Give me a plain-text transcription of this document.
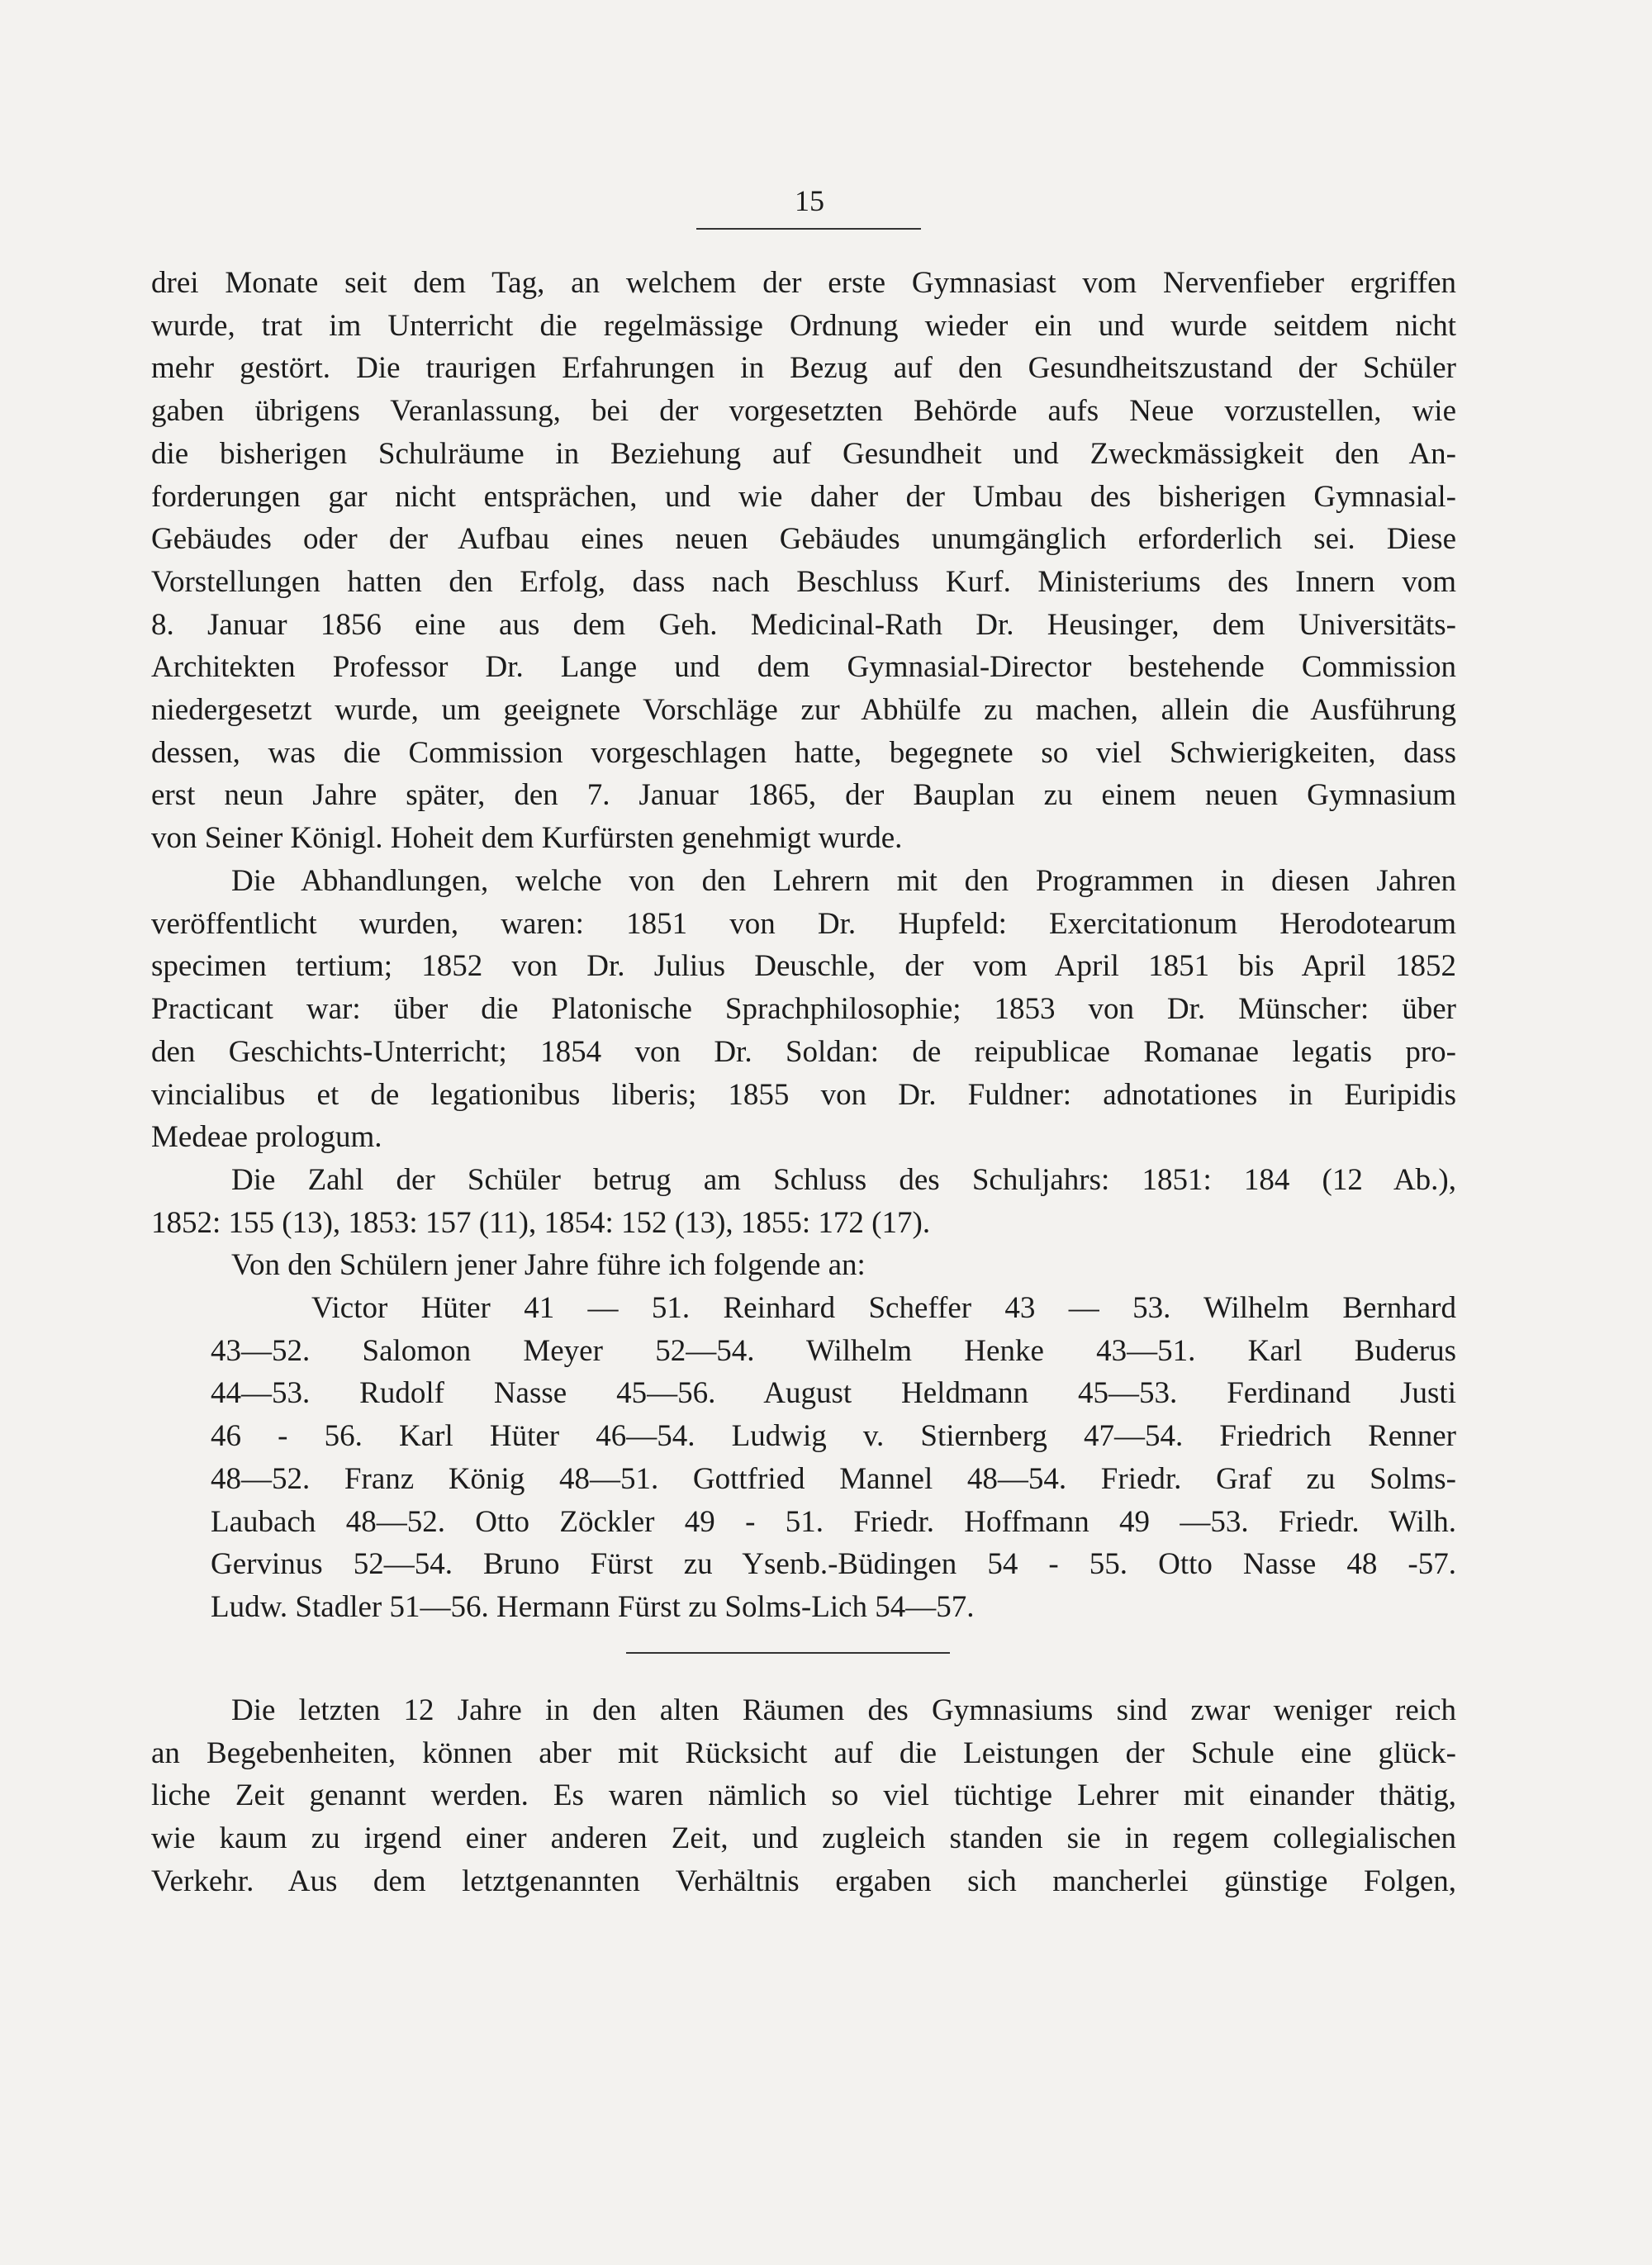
15
drei Monate seit dem Tag, an welchem der erste Gymnasiast vom Nervenfieber ergriffen
wurde, trat im Unterricht die regelmässige Ordnung wieder ein und wurde seitdem nicht
mehr gestört. Die traurigen Erfahrungen in Bezug auf den Gesundheitszustand der Schüler
gaben übrigens Veranlassung, bei der vorgesetzten Behörde aufs Neue vorzustellen, wie
die bisherigen Schulräume in Beziehung auf Gesundheit und Zweckmässigkeit den An-
forderungen gar nicht entsprächen, und wie daher der Umbau des bisherigen Gymnasial-
Gebäudes oder der Aufbau eines neuen Gebäudes unumgänglich erforderlich sei. Diese
Vorstellungen hatten den Erfolg, dass nach Beschluss Kurf. Ministeriums des Innern vom
8. Januar 1856 eine aus dem Geh. Medicinal-Rath Dr. Heusinger, dem Universitäts-
Architekten Professor Dr. Lange und dem Gymnasial-Director bestehende Commission
niedergesetzt wurde, um geeignete Vorschläge zur Abhülfe zu machen, allein die Ausführung
dessen, was die Commission vorgeschlagen hatte, begegnete so viel Schwierigkeiten, dass
erst neun Jahre später, den 7. Januar 1865, der Bauplan zu einem neuen Gymnasium
von Seiner Königl. Hoheit dem Kurfürsten genehmigt wurde.
Die Abhandlungen, welche von den Lehrern mit den Programmen in diesen Jahren
veröffentlicht wurden, waren: 1851 von Dr. Hupfeld: Exercitationum Herodotearum
specimen tertium; 1852 von Dr. Julius Deuschle, der vom April 1851 bis April 1852
Practicant war: über die Platonische Sprachphilosophie; 1853 von Dr. Münscher: über
den Geschichts-Unterricht; 1854 von Dr. Soldan: de reipublicae Romanae legatis pro-
vincialibus et de legationibus liberis; 1855 von Dr. Fuldner: adnotationes in Euripidis
Medeae prologum.
Die Zahl der Schüler betrug am Schluss des Schuljahrs: 1851: 184 (12 Ab.),
1852: 155 (13), 1853: 157 (11), 1854: 152 (13), 1855: 172 (17).
Von den Schülern jener Jahre führe ich folgende an:
Victor Hüter 41 — 51. Reinhard Scheffer 43 — 53. Wilhelm Bernhard
43—52. Salomon Meyer 52—54. Wilhelm Henke 43—51. Karl Buderus
44—53. Rudolf Nasse 45—56. August Heldmann 45—53. Ferdinand Justi
46 - 56. Karl Hüter 46—54. Ludwig v. Stiernberg 47—54. Friedrich Renner
48—52. Franz König 48—51. Gottfried Mannel 48—54. Friedr. Graf zu Solms-
Laubach 48—52. Otto Zöckler 49 - 51. Friedr. Hoffmann 49 —53. Friedr. Wilh.
Gervinus 52—54. Bruno Fürst zu Ysenb.-Büdingen 54 - 55. Otto Nasse 48 -57.
Ludw. Stadler 51—56. Hermann Fürst zu Solms-Lich 54—57.
Die letzten 12 Jahre in den alten Räumen des Gymnasiums sind zwar weniger reich
an Begebenheiten, können aber mit Rücksicht auf die Leistungen der Schule eine glück-
liche Zeit genannt werden. Es waren nämlich so viel tüchtige Lehrer mit einander thätig,
wie kaum zu irgend einer anderen Zeit, und zugleich standen sie in regem collegialischen
Verkehr. Aus dem letztgenannten Verhältnis ergaben sich mancherlei günstige Folgen,
